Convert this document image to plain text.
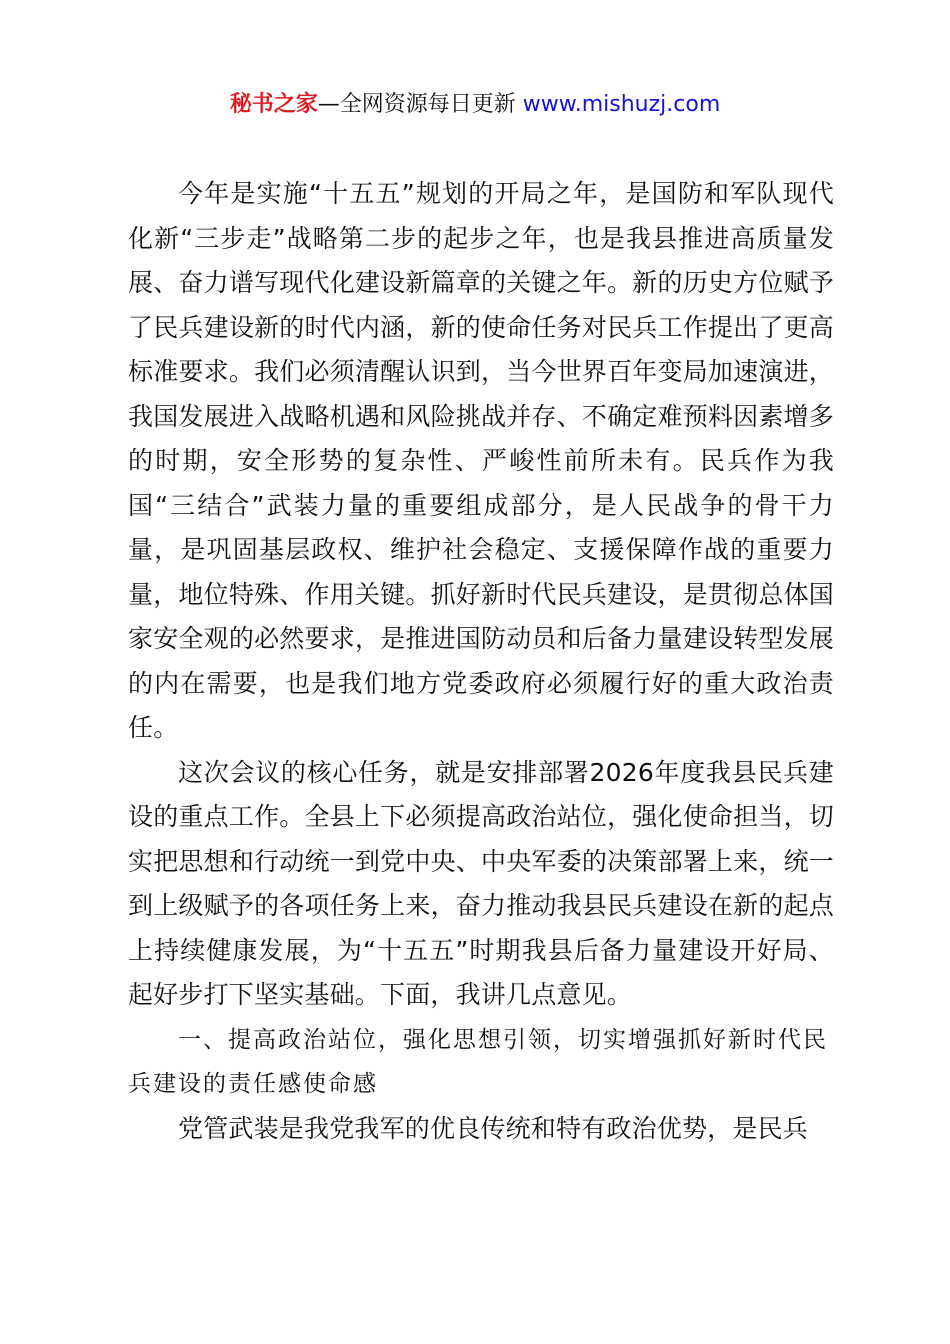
秘书之家—全网资源每日更新 www.mishuzj.com

今年是实施“十五五”规划的开局之年，是国防和军队现代化新“三步走”战略第二步的起步之年，也是我县推进高质量发展、奋力谱写现代化建设新篇章的关键之年。新的历史方位赋予了民兵建设新的时代内涵，新的使命任务对民兵工作提出了更高标准要求。我们必须清醒认识到，当今世界百年变局加速演进，我国发展进入战略机遇和风险挑战并存、不确定难预料因素增多的时期，安全形势的复杂性、严峻性前所未有。民兵作为我国“三结合”武装力量的重要组成部分，是人民战争的骨干力量，是巩固基层政权、维护社会稳定、支援保障作战的重要力量，地位特殊、作用关键。抓好新时代民兵建设，是贯彻总体国家安全观的必然要求，是推进国防动员和后备力量建设转型发展的内在需要，也是我们地方党委政府必须履行好的重大政治责任。

这次会议的核心任务，就是安排部署2026年度我县民兵建设的重点工作。全县上下必须提高政治站位，强化使命担当，切实把思想和行动统一到党中央、中央军委的决策部署上来，统一到上级赋予的各项任务上来，奋力推动我县民兵建设在新的起点上持续健康发展，为“十五五”时期我县后备力量建设开好局、起好步打下坚实基础。下面，我讲几点意见。

一、提高政治站位，强化思想引领，切实增强抓好新时代民兵建设的责任感使命感

党管武装是我党我军的优良传统和特有政治优势，是民兵
